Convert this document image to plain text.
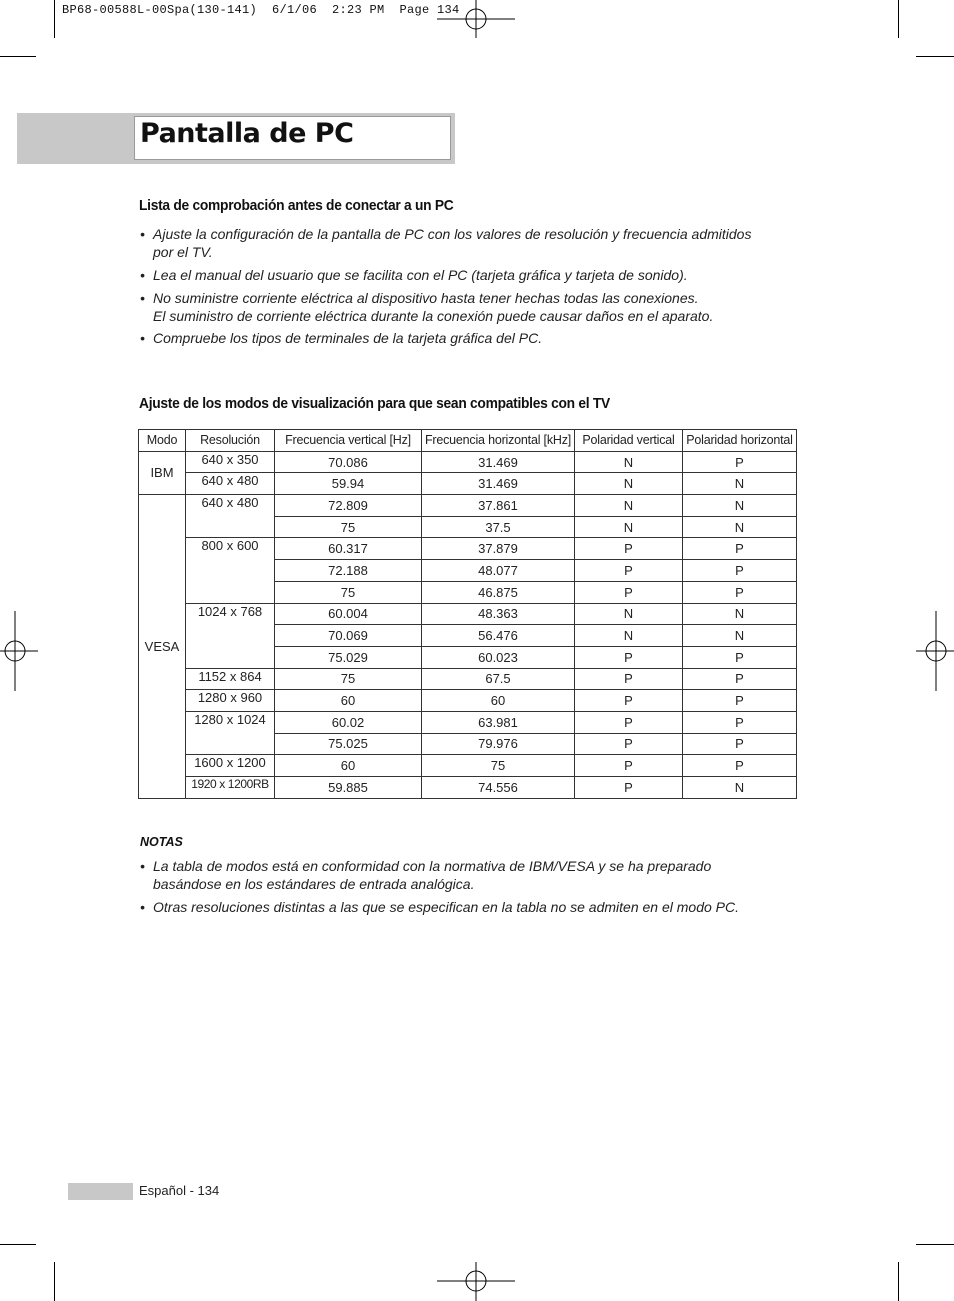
BP68-00588L-00Spa(130-141)  6/1/06  2:23 PM  Page 134
Pantalla de PC
Lista de comprobación antes de conectar a un PC
• Ajuste la configuración de la pantalla de PC con los valores de resolución y frecuencia admitidos
por el TV.
• Lea el manual del usuario que se facilita con el PC (tarjeta gráfica y tarjeta de sonido).
• No suministre corriente eléctrica al dispositivo hasta tener hechas todas las conexiones.
El suministro de corriente eléctrica durante la conexión puede causar daños en el aparato.
• Compruebe los tipos de terminales de la tarjeta gráfica del PC.
Ajuste de los modos de visualización para que sean compatibles con el TV
Modo	Resolución	Frecuencia vertical [Hz]	Frecuencia horizontal [kHz]	Polaridad vertical	Polaridad horizontal
IBM	640 x 350	70.086	31.469	N	P
	640 x 480	59.94	31.469	N	N
VESA	640 x 480	72.809	37.861	N	N
		75	37.5	N	N
	800 x 600	60.317	37.879	P	P
		72.188	48.077	P	P
		75	46.875	P	P
	1024 x 768	60.004	48.363	N	N
		70.069	56.476	N	N
		75.029	60.023	P	P
	1152 x 864	75	67.5	P	P
	1280 x 960	60	60	P	P
	1280 x 1024	60.02	63.981	P	P
		75.025	79.976	P	P
	1600 x 1200	60	75	P	P
	1920 x 1200RB	59.885	74.556	P	N
NOTAS
• La tabla de modos está en conformidad con la normativa de IBM/VESA y se ha preparado
basándose en los estándares de entrada analógica.
• Otras resoluciones distintas a las que se especifican en la tabla no se admiten en el modo PC.
Español - 134
